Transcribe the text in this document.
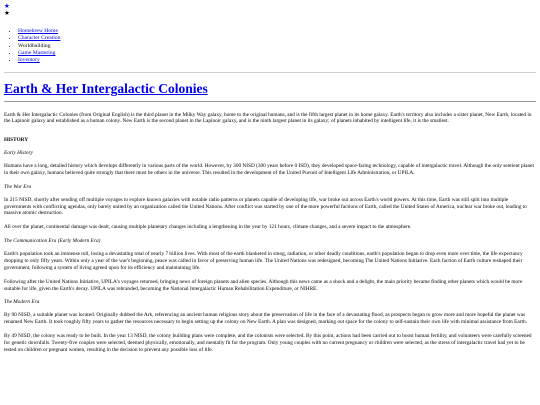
★
★
• Homebrew Home
• Character Creation
• Worldbuilding
• Game Mastering
• Inventory
Earth & Her Intergalactic Colonies

Earth & Her Intergalactic Colonies (from Original English) is the third planet in the Milky Way galaxy, home to the original humans, and is the fifth largest planet in its home galaxy. Earth's territory also includes a sister planet, New Earth, located in the Lapinoir galaxy and established as a human colony. New Earth is the second planet in the Lapinoir galaxy, and is the ninth largest planet in its galaxy; of planets inhabited by intelligent life, it is the smallest.

HISTORY

Early History

Humans have a long, detailed history which develops differently in various parts of the world. However, by 300 NISD (300 years before 0 ISD), they developed space-faring technology, capable of intergalactic travel. Although the only sentient planet in their own galaxy, humans believed quite strongly that there must be others in the universe. This resulted in the development of the United Pursuit of Intelligent Life Administration, or UPILA.

The War Era

In 215 NISD, shortly after sending off multiple voyages to explore known galaxies with notable radio patterns or planets capable of developing life, war broke out across Earth's world powers. At this time, Earth was still split into multiple governments with conflicting agendas, only barely united by an organization called the United Nations. After conflict was started by one of the more powerful factions of Earth, called the United States of America, nuclear war broke out, leading to massive atomic destruction.

All over the planet, continental damage was dealt, causing multiple planetary changes including a lengthening in the year by 121 hours, climate changes, and a severe impact to the atmosphere.

The Communication Era (Early Modern Era)

Earth's population took an immense toll, losing a devastating total of nearly 7 billion lives. With most of the earth blanketed in smog, radiation, or other deadly conditions, earth's population began to drop even more over time, the life expectancy dropping to only fifty years. Within only a year of the war's beginning, peace was called in favor of preserving human life. The United Nations was redesigned, becoming The United Nations Initiative. Each faction of Earth culture reshaped their government, following a system of living agreed upon for its efficiency and maintaining life.

Following after the United Nations Initiative, UPILA's voyages returned, bringing news of foreign planets and alien species. Although this news came as a shock and a delight, the main priority became finding other planets which would be more suitable for life, given the Earth's decay. UPILA was rebranded, becoming the National Intergalactic Human Rehabilitation Expenditure, or NIHRE.

The Modern Era

By 90 NISD, a suitable planet was located. Originally dubbed the Ark, referencing an ancient human religious story about the preservation of life in the face of a devastating flood, as prospects began to grow more and more hopeful the planet was renamed New Earth. It took roughly fifty years to gather the resources necessary to begin setting up the colony on New Earth. A plan was designed, marking out space for the colony to self-sustain their own life with minimal assistance from Earth.

By 49 NISD, the colony was ready to be built. In the year 13 NISD, the colony building plans were complete, and the colonists were selected. By this point, actions had been carried out to boost human fertility, and volunteers were carefully screened for genetic downfalls. Twenty-five couples were selected, deemed physically, emotionally, and mentally fit for the program. Only young couples with no current pregnancy or children were selected, as the stress of intergalactic travel had yet to be tested on children or pregnant women, resulting in the decision to prevent any possible loss of life.
